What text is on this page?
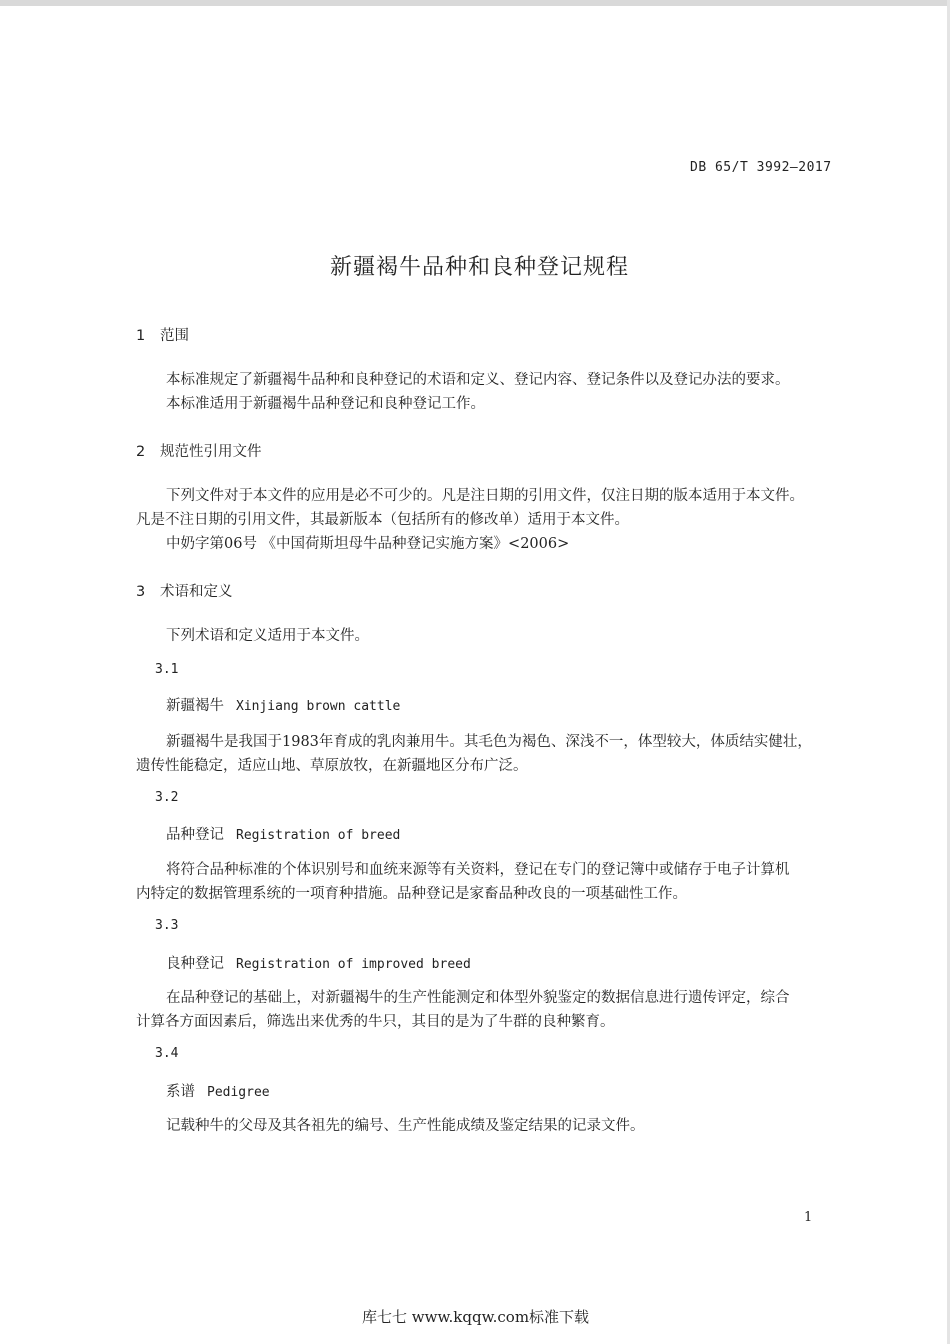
DB 65/T 3992—2017
新疆褐牛品种和良种登记规程
1 范围
本标准规定了新疆褐牛品种和良种登记的术语和定义、登记内容、登记条件以及登记办法的要求。
本标准适用于新疆褐牛品种登记和良种登记工作。
2 规范性引用文件
下列文件对于本文件的应用是必不可少的。凡是注日期的引用文件，仅注日期的版本适用于本文件。
凡是不注日期的引用文件，其最新版本（包括所有的修改单）适用于本文件。
中奶字第06号 《中国荷斯坦母牛品种登记实施方案》<2006>
3 术语和定义
下列术语和定义适用于本文件。
3.1
新疆褐牛 Xinjiang brown cattle
新疆褐牛是我国于1983年育成的乳肉兼用牛。其毛色为褐色、深浅不一，体型较大，体质结实健壮，
遗传性能稳定，适应山地、草原放牧，在新疆地区分布广泛。
3.2
品种登记 Registration of breed
将符合品种标准的个体识别号和血统来源等有关资料，登记在专门的登记簿中或储存于电子计算机
内特定的数据管理系统的一项育种措施。品种登记是家畜品种改良的一项基础性工作。
3.3
良种登记 Registration of improved breed
在品种登记的基础上，对新疆褐牛的生产性能测定和体型外貌鉴定的数据信息进行遗传评定，综合
计算各方面因素后，筛选出来优秀的牛只，其目的是为了牛群的良种繁育。
3.4
系谱 Pedigree
记载种牛的父母及其各祖先的编号、生产性能成绩及鉴定结果的记录文件。
1
库七七 www.kqqw.com标准下载
